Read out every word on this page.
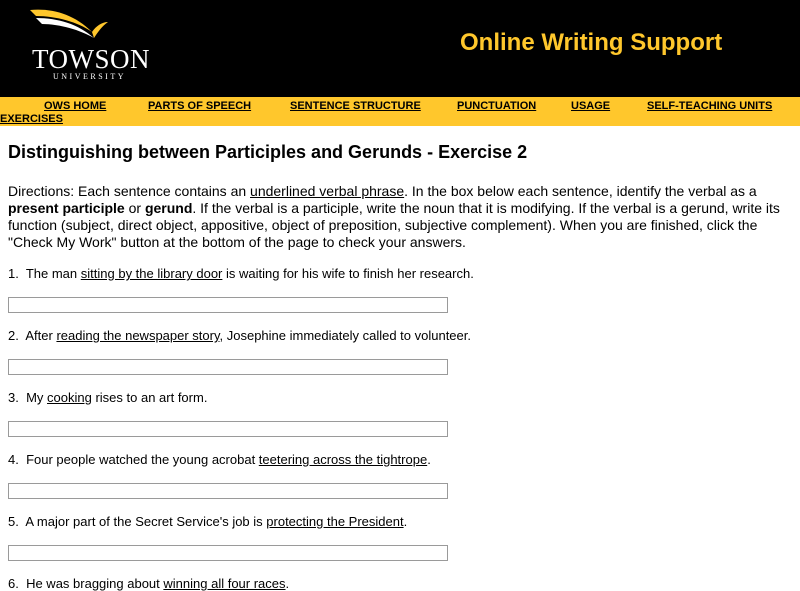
TOWSON
UNIVERSITY
Online Writing Support
OWS HOME	PARTS OF SPEECH	SENTENCE STRUCTURE	PUNCTUATION	USAGE	SELF-TEACHING UNITS
EXERCISES
Distinguishing between Participles and Gerunds - Exercise 2
Directions: Each sentence contains an underlined verbal phrase. In the box below each sentence, identify the verbal as a present participle or gerund. If the verbal is a participle, write the noun that it is modifying. If the verbal is a gerund, write its function (subject, direct object, appositive, object of preposition, subjective complement). When you are finished, click the "Check My Work" button at the bottom of the page to check your answers.
1. The man sitting by the library door is waiting for his wife to finish her research.
2. After reading the newspaper story, Josephine immediately called to volunteer.
3. My cooking rises to an art form.
4. Four people watched the young acrobat teetering across the tightrope.
5. A major part of the Secret Service's job is protecting the President.
6. He was bragging about winning all four races.
